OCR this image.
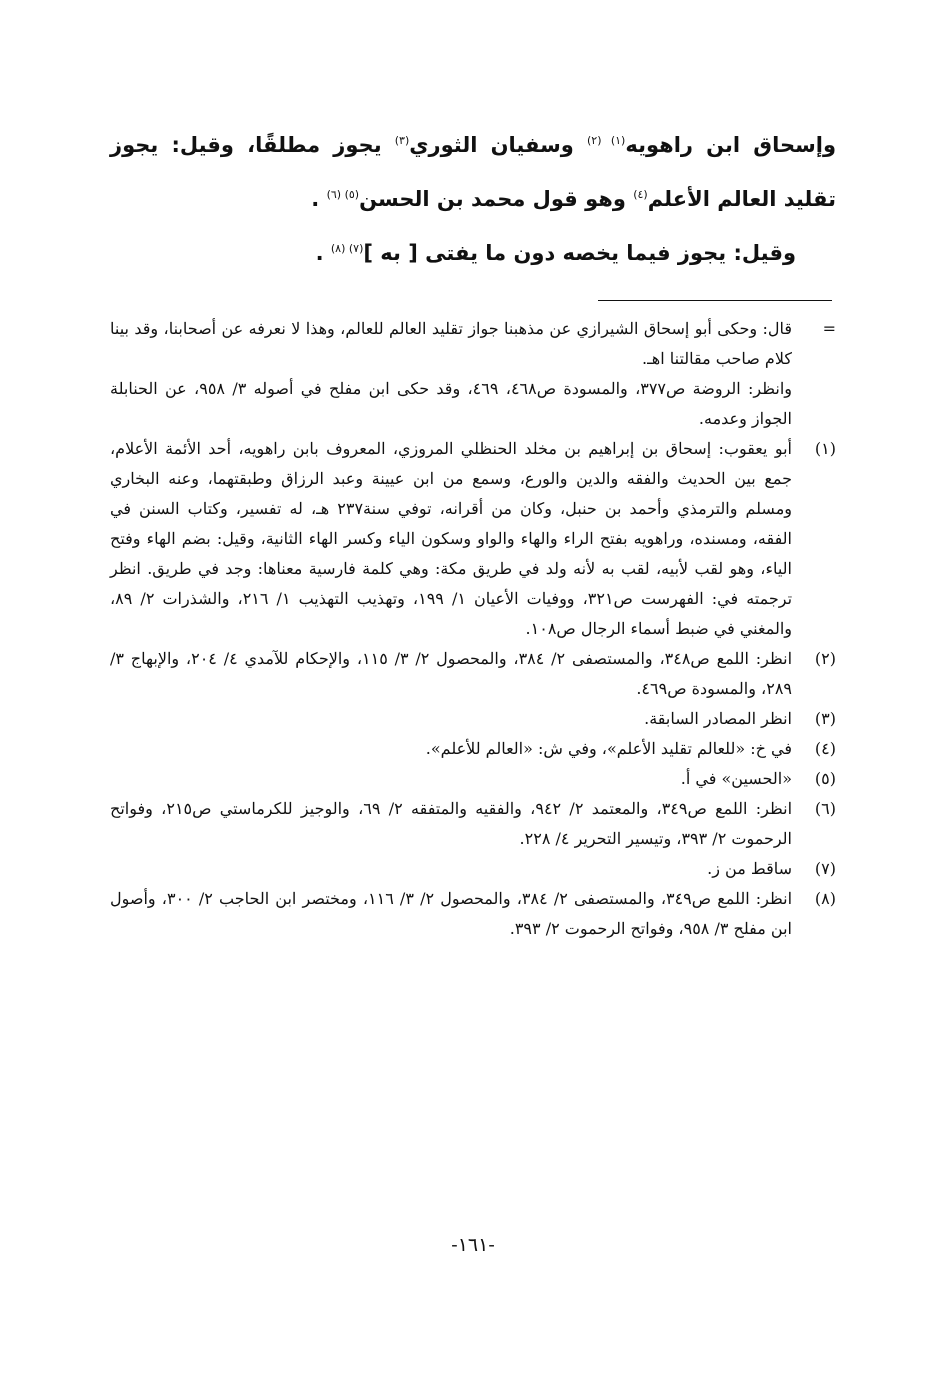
وإسحاق ابن راهويه$^{(١) (٢)}$ وسفيان الثوري$^{(٣)}$ يجوز مطلقًا، وقيل: يجوز تقليد العالم الأعلم$^{(٤)}$ وهو قول محمد بن الحسن$^{(٥) (٦)}$ .

وقيل: يجوز فيما يخصه دون ما يفتى [ به ]$^{(٧) (٨)}$ .

=
قال: وحكى أبو إسحاق الشيرازي عن مذهبنا جواز تقليد العالم للعالم، وهذا لا نعرفه عن أصحابنا، وقد بينا كلام صاحب مقالتنا اهـ.
وانظر: الروضة ص٣٧٧، والمسودة ص٤٦٨، ٤٦٩، وقد حكى ابن مفلح في أصوله ٣/ ٩٥٨، عن الحنابلة الجواز وعدمه.
(١)
أبو يعقوب: إسحاق بن إبراهيم بن مخلد الحنظلي المروزي، المعروف بابن راهويه، أحد الأئمة الأعلام، جمع بين الحديث والفقه والدين والورع، وسمع من ابن عيينة وعبد الرزاق وطبقتهما، وعنه البخاري ومسلم والترمذي وأحمد بن حنبل، وكان من أقرانه، توفي سنة٢٣٧ هـ، له تفسير، وكتاب السنن في الفقه، ومسنده، وراهويه بفتح الراء والهاء والواو وسكون الياء وكسر الهاء الثانية، وقيل: بضم الهاء وفتح الياء، وهو لقب لأبيه، لقب به لأنه ولد في طريق مكة: وهي كلمة فارسية معناها: وجد في طريق. انظر ترجمته في: الفهرست ص٣٢١، ووفيات الأعيان ١/ ١٩٩، وتهذيب التهذيب ١/ ٢١٦، والشذرات ٢/ ٨٩، والمغني في ضبط أسماء الرجال ص١٠٨.
(٢)
انظر: اللمع ص٣٤٨، والمستصفى ٢/ ٣٨٤، والمحصول ٢/ ٣/ ١١٥، والإحكام للآمدي ٤/ ٢٠٤، والإبهاج ٣/ ٢٨٩، والمسودة ص٤٦٩.
(٣)
انظر المصادر السابقة.
(٤)
في خ: «للعالم تقليد الأعلم»، وفي ش: «العالم للأعلم».
(٥)
«الحسين» في أ.
(٦)
انظر: اللمع ص٣٤٩، والمعتمد ٢/ ٩٤٢، والفقيه والمتفقه ٢/ ٦٩، والوجيز للكرماستي ص٢١٥، وفواتح الرحموت ٢/ ٣٩٣، وتيسير التحرير ٤/ ٢٢٨.
(٧)
ساقط من ز.
(٨)
انظر: اللمع ص٣٤٩، والمستصفى ٢/ ٣٨٤، والمحصول ٢/ ٣/ ١١٦، ومختصر ابن الحاجب ٢/ ٣٠٠، وأصول ابن مفلح ٣/ ٩٥٨، وفواتح الرحموت ٢/ ٣٩٣.
-١٦١-
